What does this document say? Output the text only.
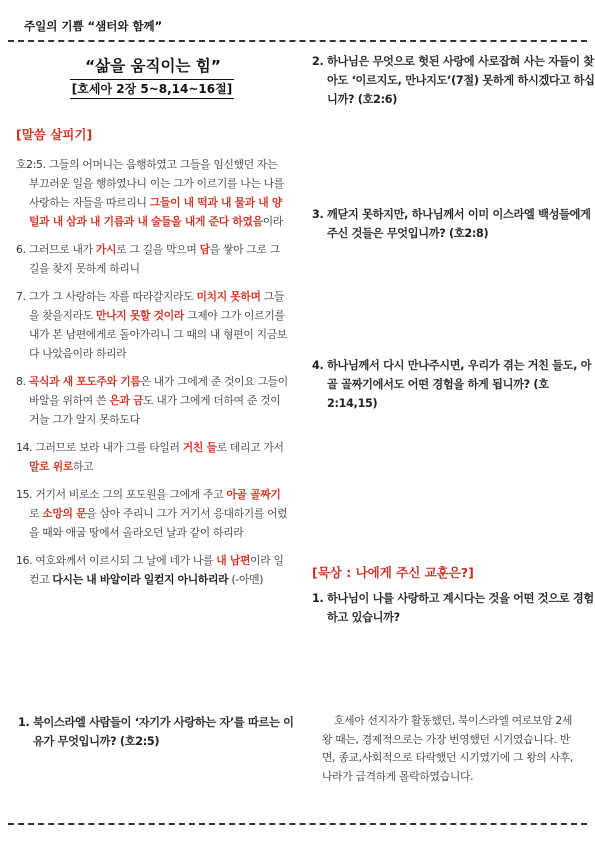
주일의 기쁨 “샘터와 함께”
“삶을 움직이는 힘”
[호세아 2장 5~8,14~16절]
[말씀 살피기]
호2:5. 그들의 어머니는 음행하였고 그들을 임신했던 자는 부끄러운 일을 행하였나니 이는 그가 이르기를 나는 나를 사랑하는 자들을 따르리니 그들이 내 떡과 내 물과 내 양털과 내 삼과 내 기름과 내 술들을 내게 준다 하였음이라
6. 그러므로 내가 가시로 그 길을 막으며 담을 쌓아 그로 그 길을 찾지 못하게 하리니
7. 그가 그 사랑하는 자를 따라갈지라도 미치지 못하며 그들을 찾을지라도 만나지 못할 것이라 그제야 그가 이르기를 내가 본 남편에게로 돌아가리니 그 때의 내 형편이 지금보다 나았음이라 하리라
8. 곡식과 새 포도주와 기름은 내가 그에게 준 것이요 그들이 바알을 위하여 쓴 은과 금도 내가 그에게 더하여 준 것이거늘 그가 알지 못하도다
14. 그러므로 보라 내가 그를 타일러 거친 들로 데리고 가서 말로 위로하고
15. 거기서 비로소 그의 포도원을 그에게 주고 아골 골짜기로 소망의 문을 삼아 주리니 그가 거기서 응대하기를 어렸을 때와 애굽 땅에서 올라오던 날과 같이 하리라
16. 여호와께서 이르시되 그 날에 네가 나를 내 남편이라 일컫고 다시는 내 바알이라 일컫지 아니하리라 (-아멘)
1. 북이스라엘 사람들이 ‘자기가 사랑하는 자’를 따르는 이유가 무엇입니까? (호2:5)
2. 하나님은 무엇으로 헛된 사랑에 사로잡혀 사는 자들이 찾아도 ‘이르지도, 만나지도’(7절) 못하게 하시겠다고 하십니까? (호2:6)
3. 깨닫지 못하지만, 하나님께서 이미 이스라엘 백성들에게 주신 것들은 무엇입니까? (호2:8)
4. 하나님께서 다시 만나주시면, 우리가 겪는 거친 들도, 아골 골짜기에서도 어떤 경험을 하게 됩니까? (호2:14,15)
[묵상 : 나에게 주신 교훈은?]
1. 하나님이 나를 사랑하고 계시다는 것을 어떤 것으로 경험하고 있습니까?
호세아 선지자가 활동했던, 북이스라엘 여로보암 2세 왕 때는, 경제적으로는 가장 번영했던 시기였습니다. 반면, 종교,사회적으로 타락했던 시기였기에 그 왕의 사후, 나라가 급격하게 몰락하였습니다.
